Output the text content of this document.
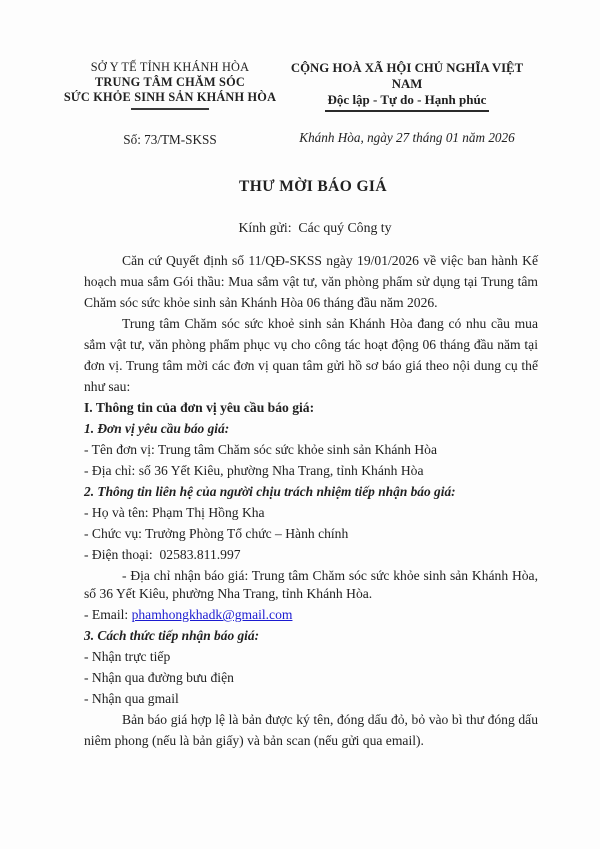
SỞ Y TẾ TỈNH KHÁNH HÒA
TRUNG TÂM CHĂM SÓC
SỨC KHỎE SINH SẢN KHÁNH HÒA
CỘNG HOÀ XÃ HỘI CHỦ NGHĨA VIỆT NAM
Độc lập - Tự do - Hạnh phúc
Số: 73/TM-SKSS	Khánh Hòa, ngày 27 tháng 01 năm 2026
THƯ MỜI BÁO GIÁ
Kính gửi:  Các quý Công ty

Căn cứ Quyết định số 11/QĐ-SKSS ngày 19/01/2026 về việc ban hành Kế hoạch mua sắm Gói thầu: Mua sắm vật tư, văn phòng phẩm sử dụng tại Trung tâm Chăm sóc sức khỏe sinh sản Khánh Hòa 06 tháng đầu năm 2026.

Trung tâm Chăm sóc sức khoẻ sinh sản Khánh Hòa đang có nhu cầu mua sắm vật tư, văn phòng phẩm phục vụ cho công tác hoạt động 06 tháng đầu năm tại đơn vị. Trung tâm mời các đơn vị quan tâm gửi hồ sơ báo giá theo nội dung cụ thể như sau:

I. Thông tin của đơn vị yêu cầu báo giá:

1. Đơn vị yêu cầu báo giá:

- Tên đơn vị: Trung tâm Chăm sóc sức khỏe sinh sản Khánh Hòa

- Địa chỉ: số 36 Yết Kiêu, phường Nha Trang, tỉnh Khánh Hòa

2. Thông tin liên hệ của người chịu trách nhiệm tiếp nhận báo giá:

- Họ và tên: Phạm Thị Hồng Kha

- Chức vụ: Trưởng Phòng Tổ chức – Hành chính

- Điện thoại:  02583.811.997

- Địa chỉ nhận báo giá: Trung tâm Chăm sóc sức khỏe sinh sản Khánh Hòa, số 36 Yết Kiêu, phường Nha Trang, tỉnh Khánh Hòa.

- Email: phamhongkhadk@gmail.com

3. Cách thức tiếp nhận báo giá:

- Nhận trực tiếp

- Nhận qua đường bưu điện

- Nhận qua gmail

Bản báo giá hợp lệ là bản được ký tên, đóng dấu đỏ, bỏ vào bì thư đóng dấu niêm phong (nếu là bản giấy) và bản scan (nếu gửi qua email).
